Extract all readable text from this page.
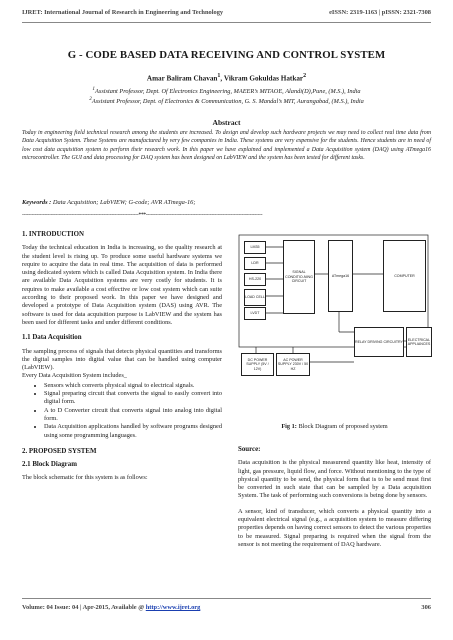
IJRET: International Journal of Research in Engineering and Technology	eISSN: 2319-1163 | pISSN: 2321-7308
G - CODE BASED DATA RECEIVING AND CONTROL SYSTEM
Amar Baliram Chavan$^1$, Vikram Gokuldas Hatkar$^2$
$^1$Assistant Professor, Dept. Of Electronics Engineering, MAEER’s MITAOE, Alandi(D),Pune, (M.S.), India
$^2$Assistant Professor, Dept. of Electronics & Communication, G. S. Mandal’s MIT, Aurangabad, (M.S.), India
Abstract
Today in engineering field technical research among the students are increased. To design and develop such hardware projects we may need to collect real time data from Data Acquisition System. These Systems are manufactured by very few companies in India. These systems are very expensive for the students. Hence students are in need of low cost data acquisition system to perform their research work. In this paper we have explained and implemented a Data Acquisition system (DAQ) using ATmega16 microcontroller. The GUI and data processing for DAQ system has been designed on LabVIEW and the system has been tested for different tasks.
Keywords : Data Acquisition; LabVIEW; G-code; AVR ATmega-16;
-------------------------------------------------------------------------***-------------------------------------------------------------------------
1. INTRODUCTION
Today the technical education in India is increasing, so the quality research at the student level is rising up. To produce some useful hardware systems we require to acquire the data in real time. The acquisition of data is performed using dedicated system which is called Data Acquisition system. In India there are available Data Acquisition systems are very costly for students. It is requires to make available a cost effective or low cost system which can suite according to their proposed work. In this paper we have designed and developed a prototype of Data Acquisition system (DAS) using AVR. The software is used for data acquisition purpose is LabVIEW and the system has been used for different tasks and under different conditions.
1.1 Data Acquisition
The sampling process of signals that detects physical quantities and transforms the digital samples into digital value that can be handled using computer (LabVIEW).
Every Data Acquisition System includes_
• Sensors which converts physical signal to electrical signals.
• Signal preparing circuit that converts the signal to easily convert into digital form.
• A to D Converter circuit that converts signal into analog into digital form.
• Data Acquisition applications handled by software programs designed using some programming languages.
2. PROPOSED SYSTEM
2.1 Block Diagram
The block schematic for this system is as follows:
LM35
LDR
HS-220
LOAD CELL
LVDT
SIGNAL CONDITIO-NING CIRCUIT
ATmega16	COMPUTER
DC POWER SUPPLY (5V / 12V)
AC POWER SUPPLY 230V / 50 HZ
RELAY DRIVING CIRCUITRY
ELECTRICAL APPLIANCES
Fig 1: Block Diagram of proposed system
Source:
Data acquisition is the physical measurend quantity like heat, intensity of light, gas pressure, liquid flow, and force. Without mentioning to the type of physical quantity to be send, the physical form that is to be send must first be converted in such state that can be sampled by a Data acquisition System. The task of performing such conversions is being done by sensors.
A sensor, kind of transducer, which converts a physical quantity into a equivalent electrical signal (e.g., a acquisition system to measure differing properties depends on having correct sensors to detect the various properties to be measured. Signal preparing is required when the signal from the sensor is not meeting the requirement of DAQ hardware.
Volume: 04 Issue: 04 | Apr-2015, Available @ http://www.ijret.org	306
